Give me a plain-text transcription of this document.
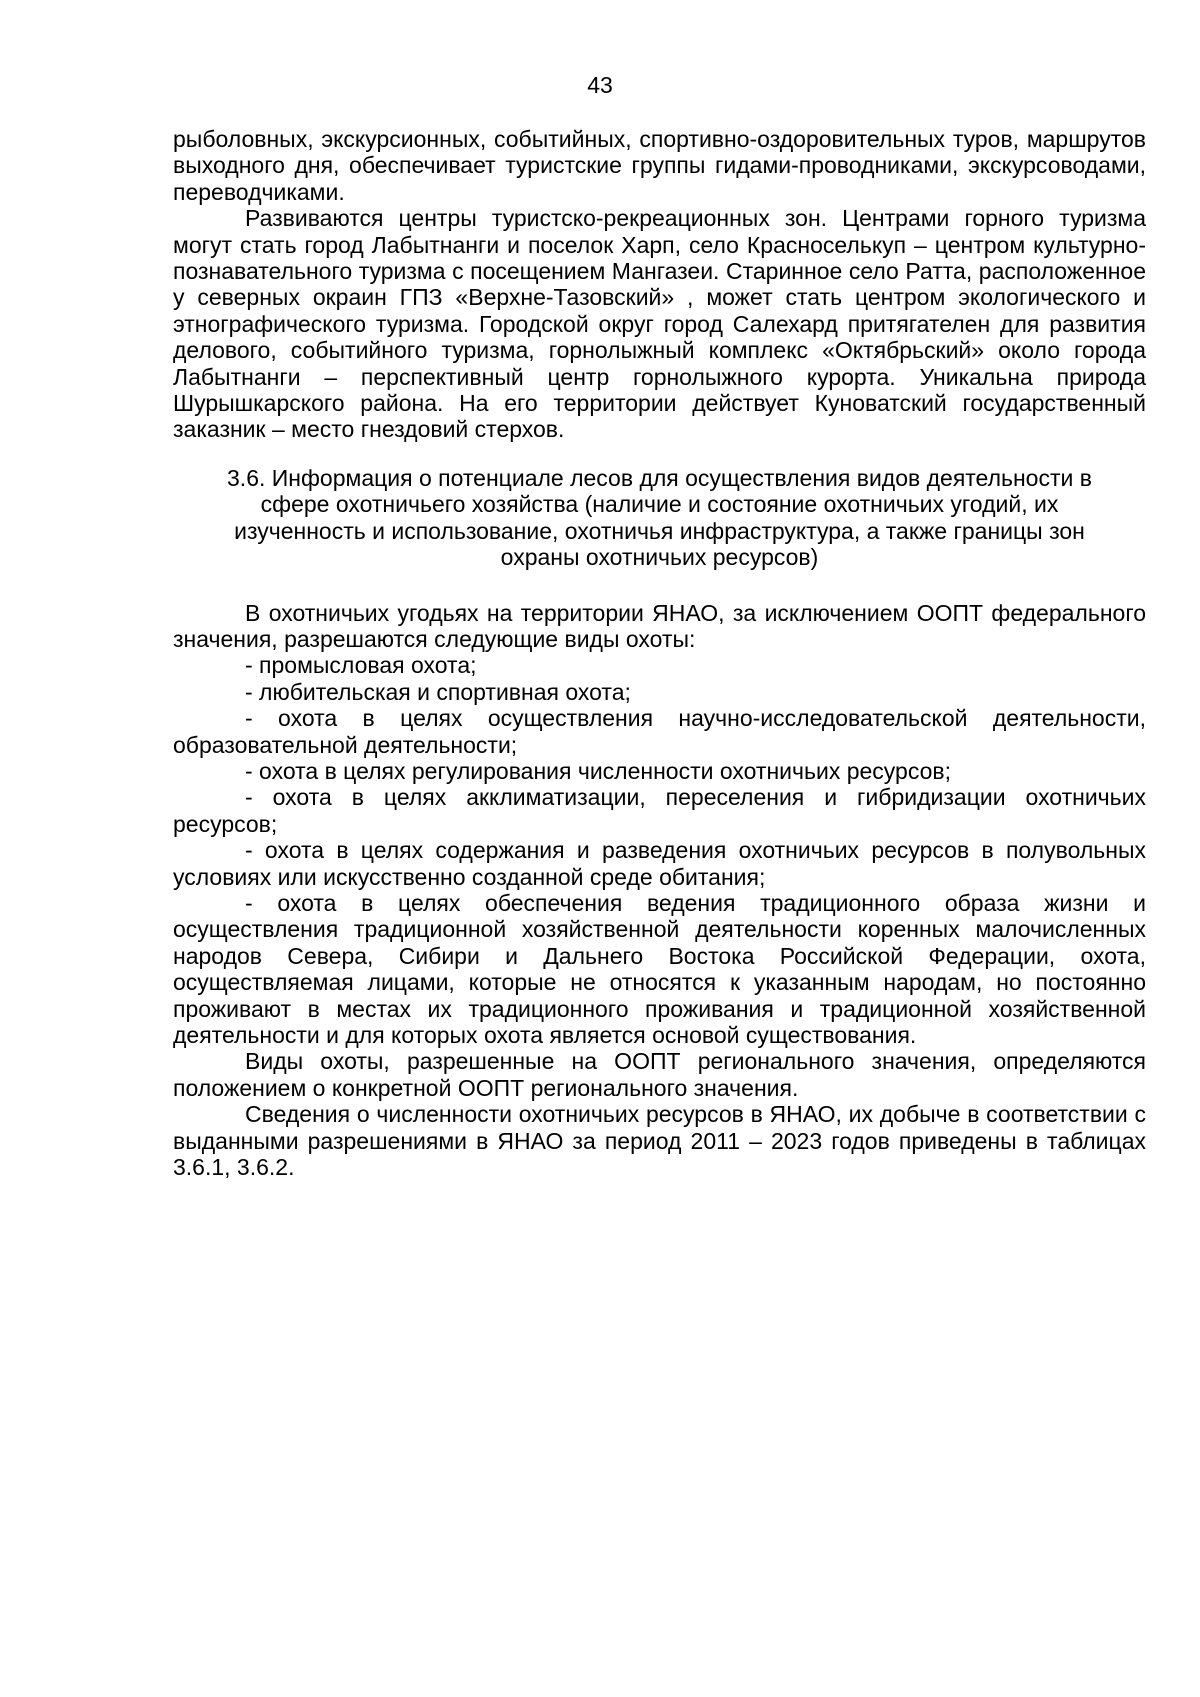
43

рыболовных, экскурсионных, событийных, спортивно-оздоровительных туров, маршрутов выходного дня, обеспечивает туристские группы гидами-проводниками, экскурсоводами, переводчиками.

Развиваются центры туристско-рекреационных зон. Центрами горного туризма могут стать город Лабытнанги и поселок Харп, село Красноселькуп – центром культурно-познавательного туризма с посещением Мангазеи. Старинное село Ратта, расположенное у северных окраин ГПЗ «Верхне-Тазовский» , может стать центром экологического и этнографического туризма. Городской округ город Салехард притягателен для развития делового, событийного туризма, горнолыжный комплекс «Октябрьский» около города Лабытнанги – перспективный центр горнолыжного курорта. Уникальна природа Шурышкарского района. На его территории действует Куноватский государственный заказник – место гнездовий стерхов.

3.6. Информация о потенциале лесов для осуществления видов деятельности в сфере охотничьего хозяйства (наличие и состояние охотничьих угодий, их изученность и использование, охотничья инфраструктура, а также границы зон охраны охотничьих ресурсов)

В охотничьих угодьях на территории ЯНАО, за исключением ООПТ федерального значения, разрешаются следующие виды охоты:

- промысловая охота;

- любительская и спортивная охота;

- охота в целях осуществления научно-исследовательской деятельности, образовательной деятельности;

- охота в целях регулирования численности охотничьих ресурсов;

- охота в целях акклиматизации, переселения и гибридизации охотничьих ресурсов;

- охота в целях содержания и разведения охотничьих ресурсов в полувольных условиях или искусственно созданной среде обитания;

- охота в целях обеспечения ведения традиционного образа жизни и осуществления традиционной хозяйственной деятельности коренных малочисленных народов Севера, Сибири и Дальнего Востока Российской Федерации, охота, осуществляемая лицами, которые не относятся к указанным народам, но постоянно проживают в местах их традиционного проживания и традиционной хозяйственной деятельности и для которых охота является основой существования.

Виды охоты, разрешенные на ООПТ регионального значения, определяются положением о конкретной ООПТ регионального значения.

Сведения о численности охотничьих ресурсов в ЯНАО, их добыче в соответствии с выданными разрешениями в ЯНАО за период 2011 – 2023 годов приведены в таблицах 3.6.1, 3.6.2.
